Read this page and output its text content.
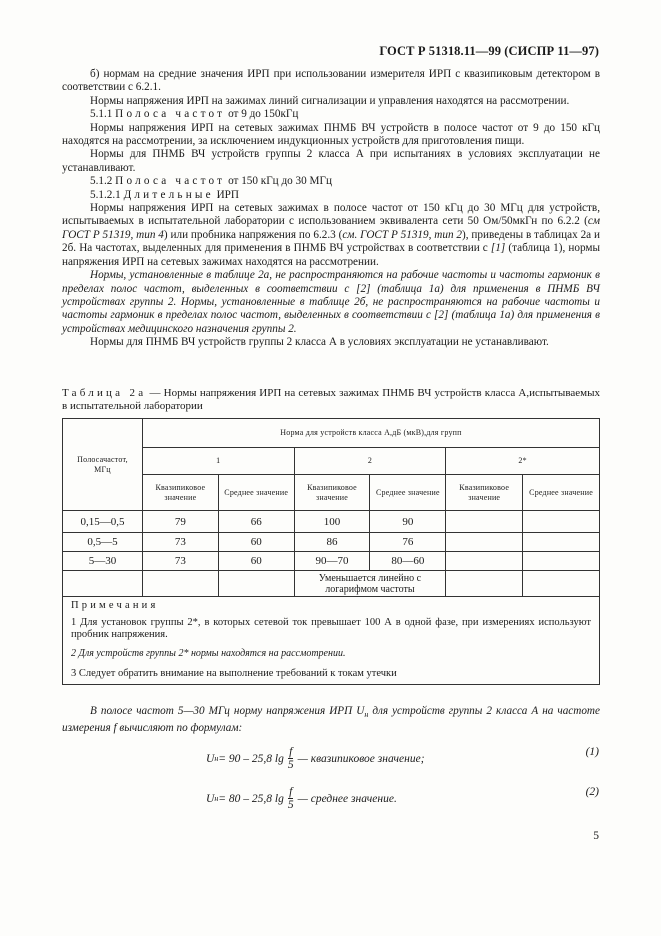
ГОСТ Р 51318.11—99 (СИСПР 11—97)

б) нормам на средние значения ИРП при использовании измерителя ИРП с квазипиковым детектором в соответствии с 6.2.1.

Нормы напряжения ИРП на зажимах линий сигнализации и управления находятся на рассмотрении.

5.1.1 Полоса частот от 9 до 150кГц

Нормы напряжения ИРП на сетевых зажимах ПНМБ ВЧ устройств в полосе частот от 9 до 150 кГц находятся на рассмотрении, за исключением индукционных устройств для приготовления пищи.

Нормы для ПНМБ ВЧ устройств группы 2 класса А при испытаниях в условиях эксплуатации не устанавливают.

5.1.2 Полоса частот от 150 кГц до 30 МГц

5.1.2.1 Длительные ИРП

Нормы напряжения ИРП на сетевых зажимах в полосе частот от 150 кГц до 30 МГц для устройств, испытываемых в испытательной лаборатории с использованием эквивалента сети 50 Ом/50мкГн по 6.2.2 (см ГОСТ Р 51319, тип 4) или пробника напряжения по 6.2.3 (см. ГОСТ Р 51319, тип 2), приведены в таблицах 2а и 2б. На частотах, выделенных для применения в ПНМБ ВЧ устройствах в соответствии с [1] (таблица 1), нормы напряжения ИРП на сетевых зажимах находятся на рассмотрении.

Нормы, установленные в таблице 2а, не распространяются на рабочие частоты и частоты гармоник в пределах полос частот, выделенных в соответствии с [2] (таблица 1а) для применения в ПНМБ ВЧ устройствах группы 2. Нормы, установленные в таблице 2б, не распространяются на рабочие частоты и частоты гармоник в пределах полос частот, выделенных в соответствии с [2] (таблица 1а) для применения в устройствах медицинского назначения группы 2.

Нормы для ПНМБ ВЧ устройств группы 2 класса А в условиях эксплуатации не устанавливают.

Таблица 2а — Нормы напряжения ИРП на сетевых зажимах ПНМБ ВЧ устройств класса А,испытываемых в испытательной лаборатории
Полосачастот, МГц	Норма для устройств класса А,дБ (мкВ),для групп					
	1		2		2*	
	Квазипиковое значение	Среднее значение	Квазипиковое значение	Среднее значение	Квазипиковое значение	Среднее значение
0,15—0,5	79	66	100	90		
0,5—5	73	60	86	76		
5—30	73	60	90—70	80—60		
			Уменьшается линейно с логарифмом частоты			
Примечания						
1 Для установок группы 2*, в которых сетевой ток превышает 100 А в одной фазе, при измерениях используют пробник напряжения.						
2 Для устройств группы 2* нормы находятся на рассмотрении.						
3 Следует обратить внимание на выполнение требований к токам утечки						

В полосе частот 5—30 МГц норму напряжения ИРП $U_н$ для устройств группы 2 класса А на частоте измерения f вычисляют по формулам:

U н = 90 – 25,8 $\lg \frac{f}{5}$ — квазипиковое значение;
(1)
U н = 80 – 25,8 $\lg \frac{f}{5}$ — среднее значение.
(2)
5
